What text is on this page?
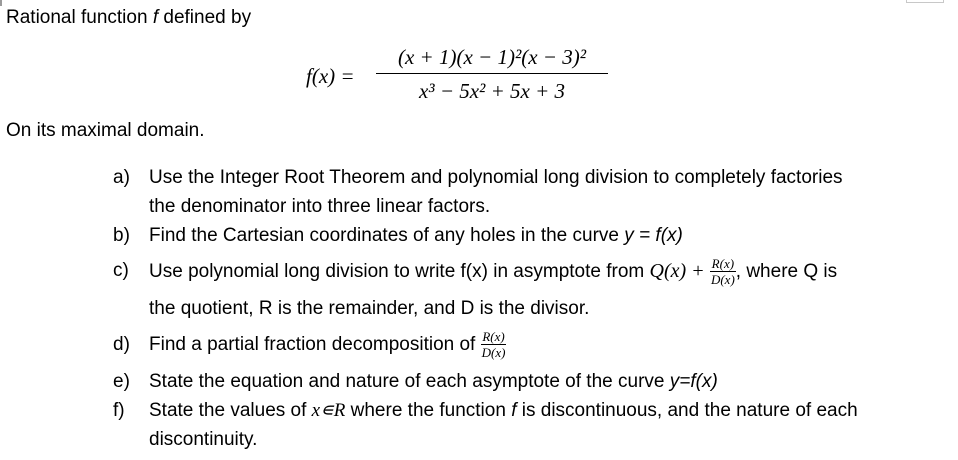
Rational function f defined by
f(x) =
(x + 1)(x − 1)²(x − 3)²
x³ − 5x² + 5x + 3
On its maximal domain.
a) Use the Integer Root Theorem and polynomial long division to completely factories
the denominator into three linear factors.
b) Find the Cartesian coordinates of any holes in the curve y = f(x)
c) Use polynomial long division to write f(x) in asymptote from $Q(x) + \frac{R(x)}{D(x)}$ , where Q is
the quotient, R is the remainder, and D is the divisor.
d) Find a partial fraction decomposition of $\frac{R(x)}{D(x)}$
e) State the equation and nature of each asymptote of the curve y=f(x)
f) State the values of x∊R where the function f is discontinuous, and the nature of each
discontinuity.
